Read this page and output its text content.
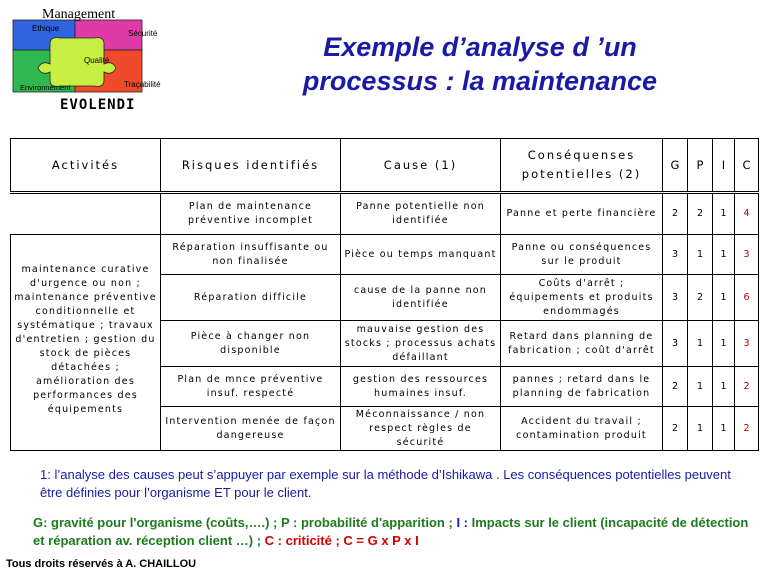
Management
Ethique
Sécurité
Qualité
Environnement	Traçabilité
EVOLENDI
Exemple d’analyse d ’un
processus : la maintenance
Activités	Risques identifiés	Cause (1)	Conséquenses potentielles (2)	G	P	I	C
	Plan de maintenance préventive incomplet	Panne potentielle non identifiée	Panne et perte financière	2	2	1	4
maintenance curative d'urgence ou non ; maintenance préventive conditionnelle et systématique ; travaux d'entretien ; gestion du stock de pièces détachées ; amélioration des performances des équipements	Réparation insuffisante ou non finalisée	Pièce ou temps manquant	Panne ou conséquences sur le produit	3	1	1	3
	Réparation difficile	cause de la panne non identifiée	Coûts d'arrêt ; équipements et produits endommagés	3	2	1	6
	Pièce à changer non disponible	mauvaise gestion des stocks ; processus achats défaillant	Retard dans planning de fabrication ; coût d'arrêt	3	1	1	3
	Plan de mnce préventive insuf. respecté	gestion des ressources humaines insuf.	pannes ; retard dans le planning de fabrication	2	1	1	2
	Intervention menée de façon dangereuse	Méconnaissance / non respect règles de sécurité	Accident du travail ; contamination produit	2	1	1	2
1: l’analyse des causes peut s’appuyer par exemple sur la méthode d’Ishikawa . Les conséquences potentielles peuvent être définies pour l’organisme ET pour le client.
G: gravité pour l'organisme (coûts,….) ; P : probabilité d'apparition ; I : Impacts sur le client (incapacité de détection et réparation av. réception client …) ; C : criticité ; C = G x P x I
Tous droits réservés à A. CHAILLOU
